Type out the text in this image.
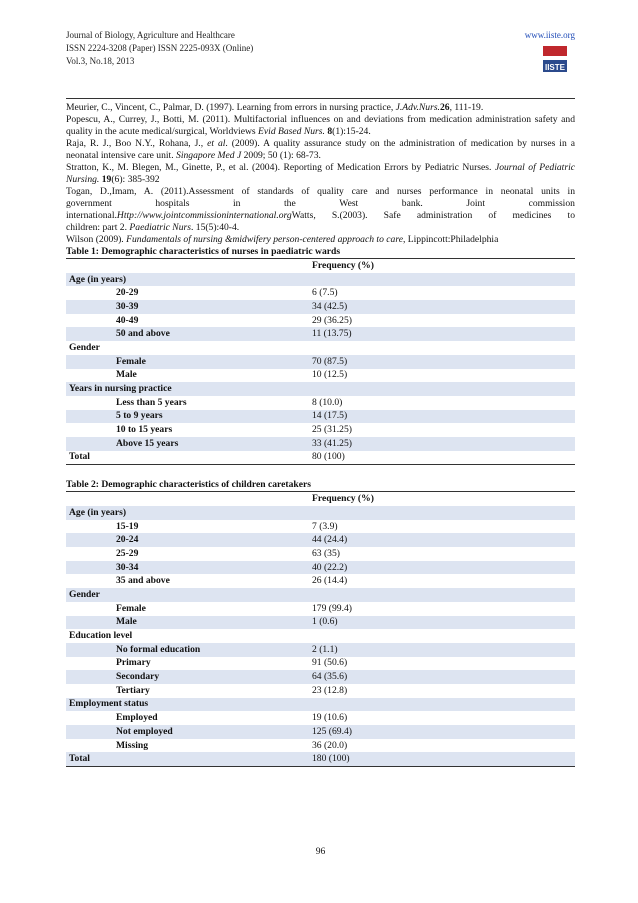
Journal of Biology, Agriculture and Healthcare
ISSN 2224-3208 (Paper) ISSN 2225-093X (Online)
Vol.3, No.18, 2013
www.iiste.org
IISTE

Meurier, C., Vincent, C., Palmar, D. (1997). Learning from errors in nursing practice, J.Adv.Nurs.26, 111-19.

Popescu, A., Currey, J., Botti, M. (2011). Multifactorial influences on and deviations from medication administration safety and quality in the acute medical/surgical, Worldviews Evid Based Nurs. 8(1):15-24.

Raja, R. J., Boo N.Y., Rohana, J., et al. (2009). A quality assurance study on the administration of medication by nurses in a neonatal intensive care unit. Singapore Med J 2009; 50 (1): 68-73.

Stratton, K., M. Blegen, M., Ginette, P., et al. (2004). Reporting of Medication Errors by Pediatric Nurses. Journal of Pediatric Nursing. 19(6): 385-392

Togan, D.,Imam, A. (2011).Assessment of standards of quality care and nurses performance in neonatal units in
government	hospitals	in	the	West	bank.	Joint	commission
international.Http://www.jointcommissioninternational.orgWatts, S.(2003). Safe administration of medicines to
children: part 2. Paediatric Nurs. 15(5):40-4.

Wilson (2009). Fundamentals of nursing &midwifery person-centered approach to care, Lippincott:Philadelphia

Table 1: Demographic characteristics of nurses in paediatric wards

	Frequency (%)
Age (in years)	
20-29	6 (7.5)
30-39	34 (42.5)
40-49	29 (36.25)
50 and above	11 (13.75)
Gender	
Female	70 (87.5)
Male	10 (12.5)
Years in nursing practice	
Less than 5 years	8 (10.0)
5 to 9 years	14 (17.5)
10 to 15 years	25 (31.25)
Above 15 years	33 (41.25)
Total	80 (100)

Table 2: Demographic characteristics of children caretakers

	Frequency (%)
Age (in years)	
15-19	7 (3.9)
20-24	44 (24.4)
25-29	63 (35)
30-34	40 (22.2)
35 and above	26 (14.4)
Gender	
Female	179 (99.4)
Male	1 (0.6)
Education level	
No formal education	2 (1.1)
Primary	91 (50.6)
Secondary	64 (35.6)
Tertiary	23 (12.8)
Employment status	
Employed	19 (10.6)
Not employed	125 (69.4)
Missing	36 (20.0)
Total	180 (100)
96
